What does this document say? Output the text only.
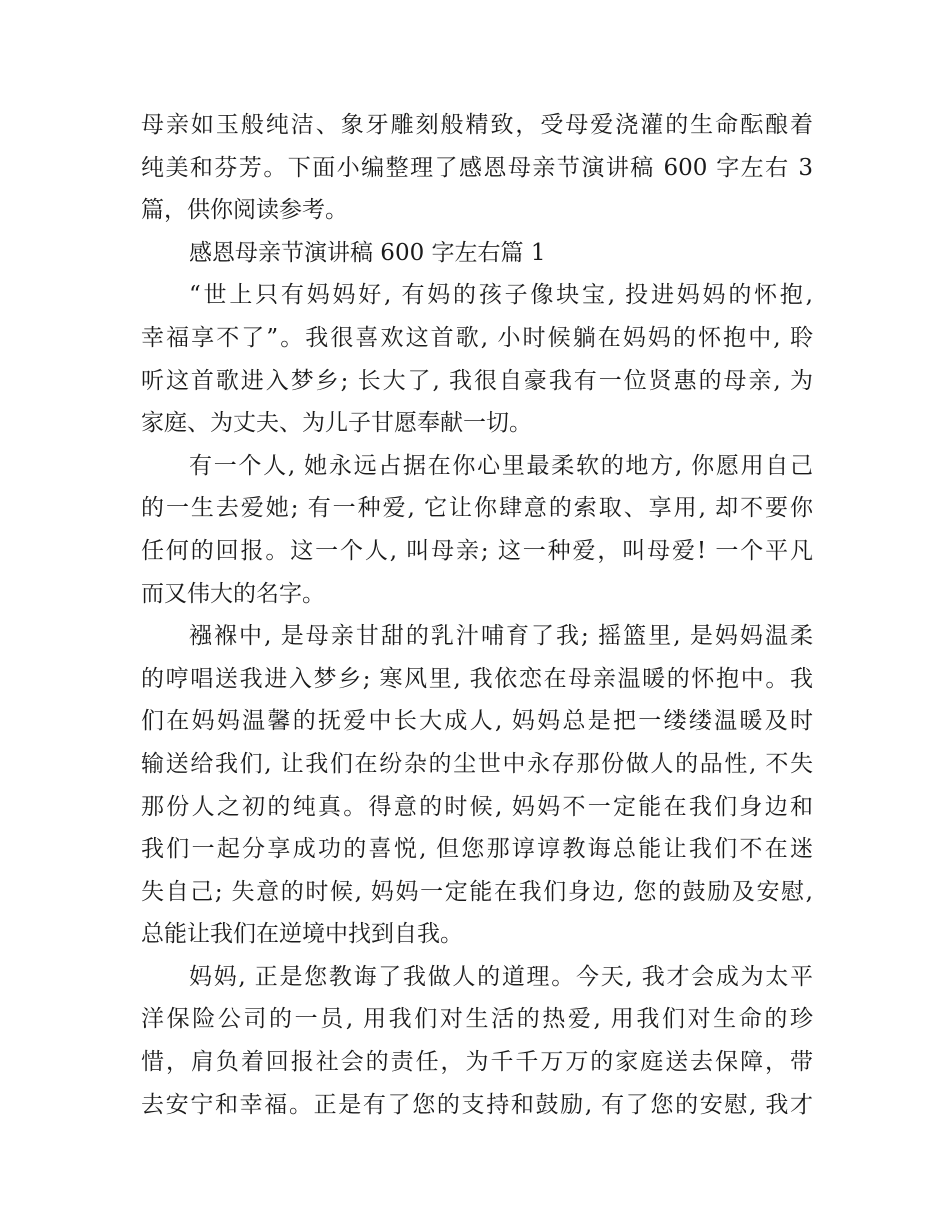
母亲如玉般纯洁、象牙雕刻般精致，受母爱浇灌的生命酝酿着
纯美和芬芳。下面小编整理了感恩母亲节演讲稿 600 字左右 3
篇，供你阅读参考。
感恩母亲节演讲稿 600 字左右篇 1
“世上只有妈妈好, 有妈的孩子像块宝, 投进妈妈的怀抱,
幸福享不了”。我很喜欢这首歌, 小时候躺在妈妈的怀抱中, 聆
听这首歌进入梦乡; 长大了, 我很自豪我有一位贤惠的母亲, 为
家庭、为丈夫、为儿子甘愿奉献一切。
有一个人, 她永远占据在你心里最柔软的地方, 你愿用自己
的一生去爱她; 有一种爱, 它让你肆意的索取、享用, 却不要你
任何的回报。这一个人, 叫母亲; 这一种爱，叫母爱! 一个平凡
而又伟大的名字。
襁褓中, 是母亲甘甜的乳汁哺育了我; 摇篮里, 是妈妈温柔
的哼唱送我进入梦乡; 寒风里, 我依恋在母亲温暖的怀抱中。我
们在妈妈温馨的抚爱中长大成人, 妈妈总是把一缕缕温暖及时
输送给我们, 让我们在纷杂的尘世中永存那份做人的品性, 不失
那份人之初的纯真。得意的时候, 妈妈不一定能在我们身边和
我们一起分享成功的喜悦, 但您那谆谆教诲总能让我们不在迷
失自己; 失意的时候, 妈妈一定能在我们身边, 您的鼓励及安慰,
总能让我们在逆境中找到自我。
妈妈, 正是您教诲了我做人的道理。今天, 我才会成为太平
洋保险公司的一员, 用我们对生活的热爱, 用我们对生命的珍
惜，肩负着回报社会的责任，为千千万万的家庭送去保障，带
去安宁和幸福。正是有了您的支持和鼓励, 有了您的安慰, 我才
